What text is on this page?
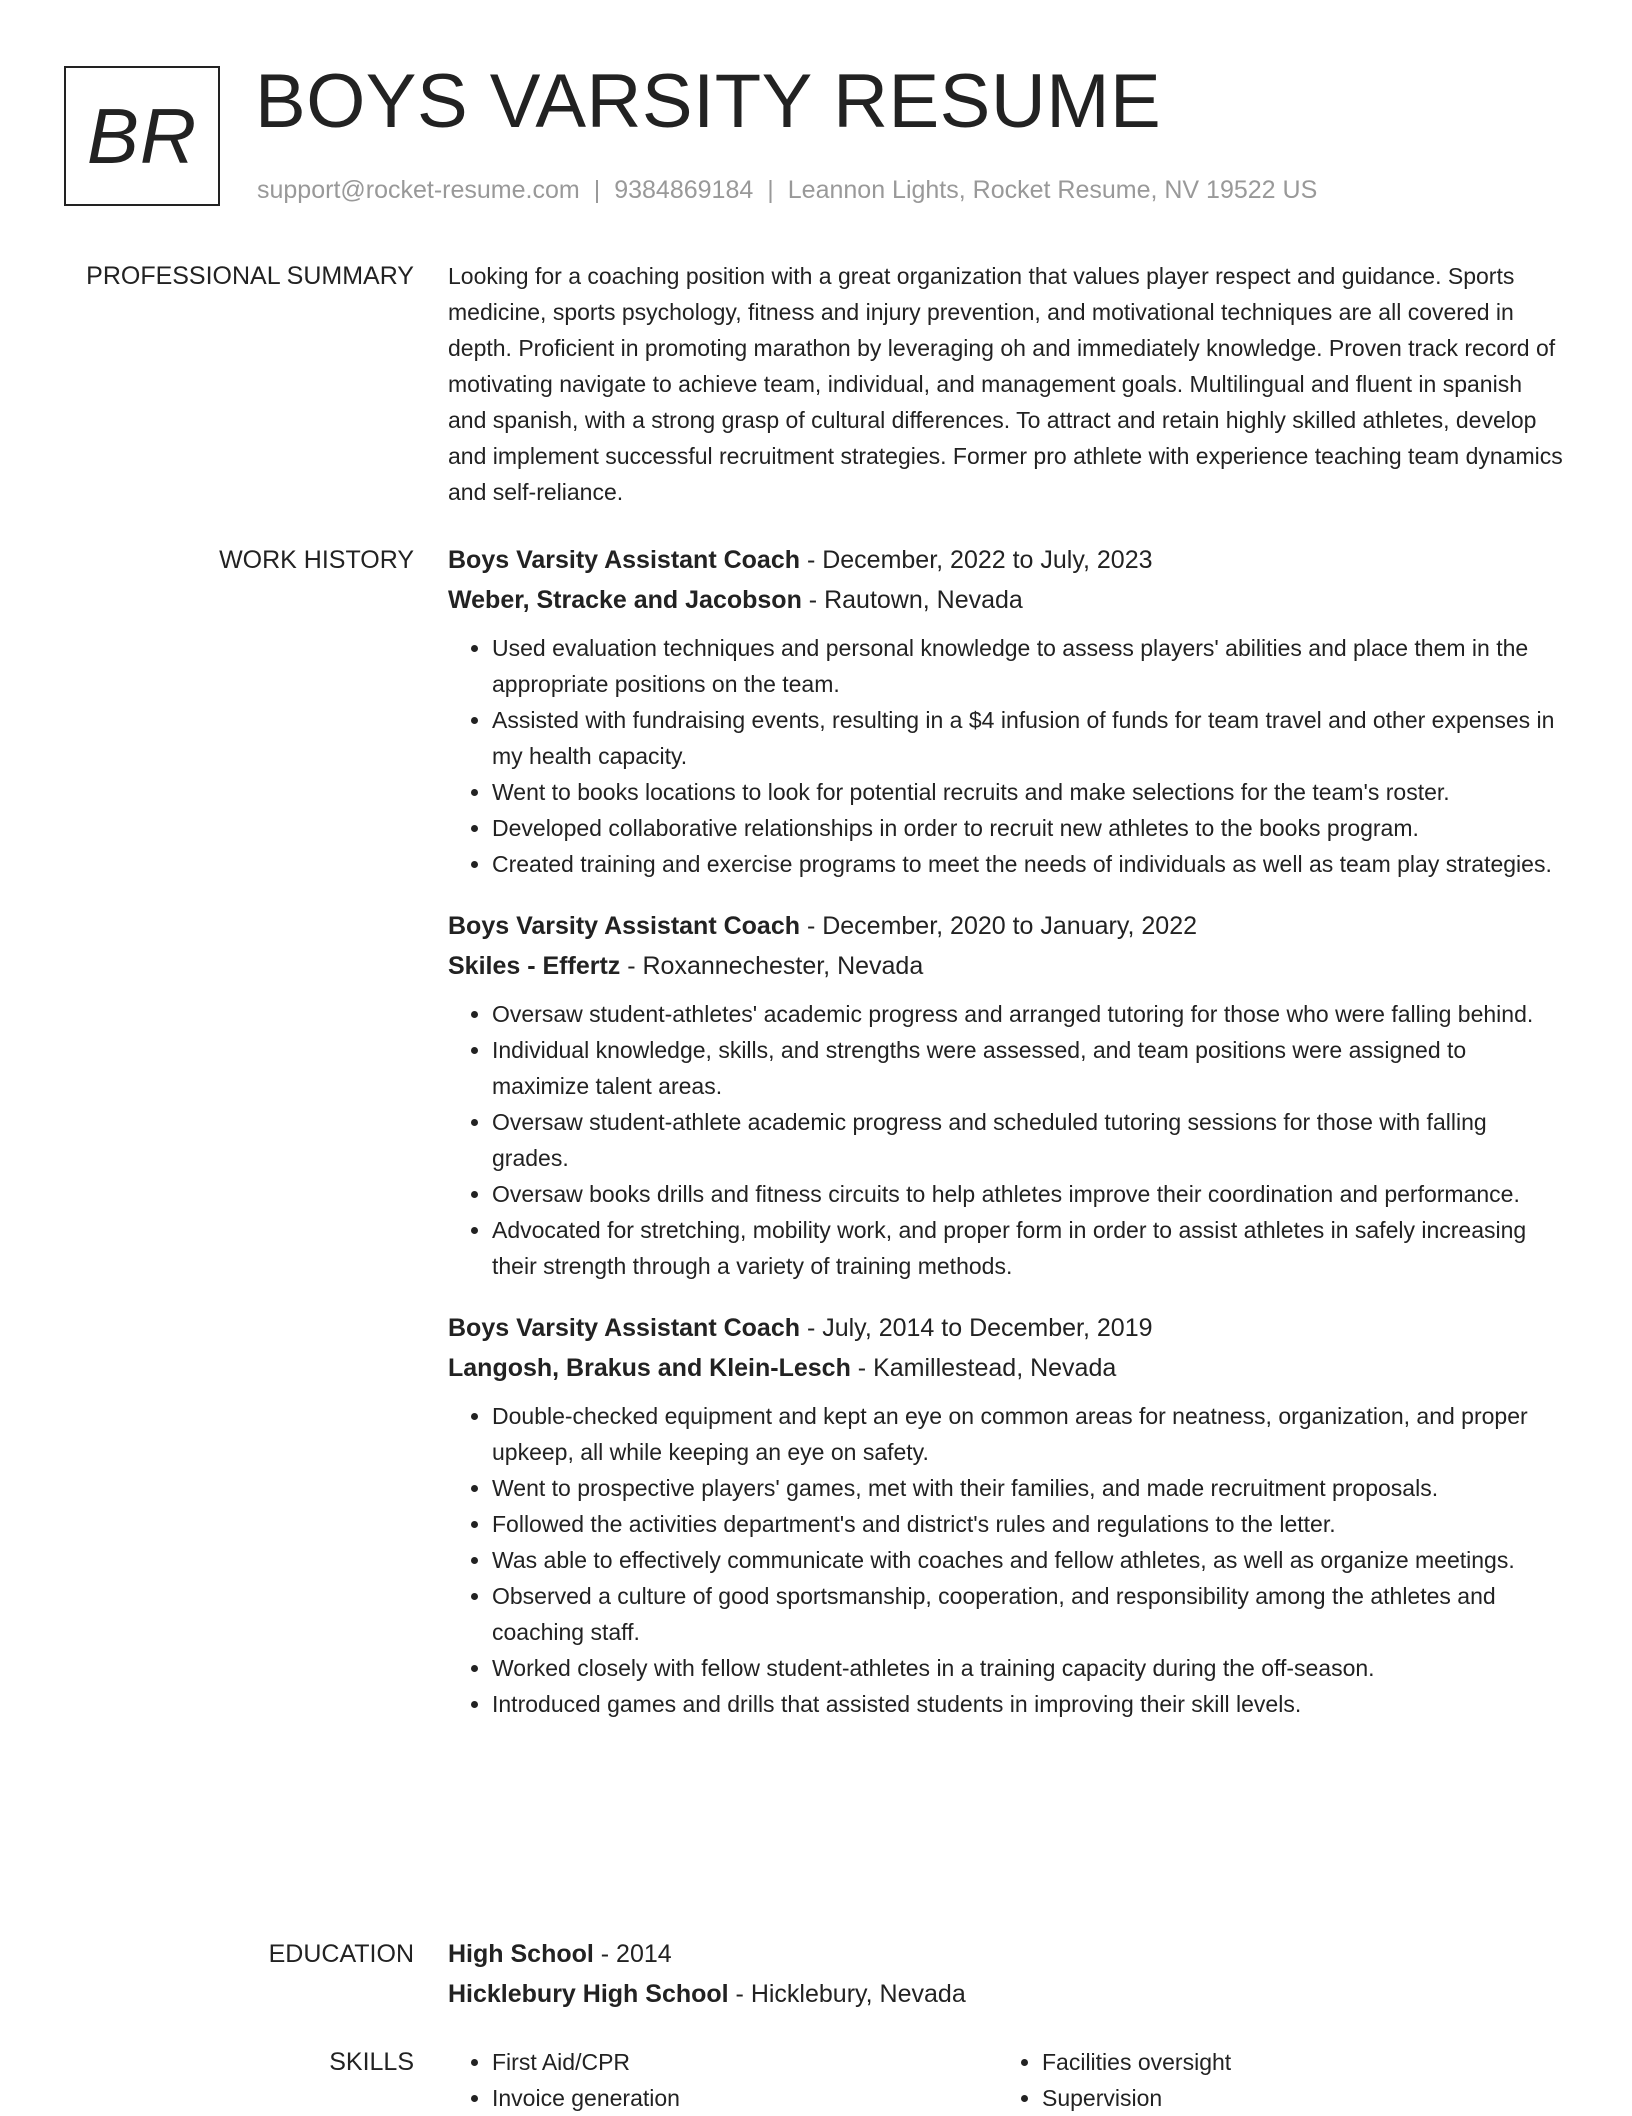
BR BOYS VARSITY RESUME
support@rocket-resume.com | 9384869184 | Leannon Lights, Rocket Resume, NV 19522 US
PROFESSIONAL SUMMARY Looking for a coaching position with a great organization that values player respect and guidance. Sports medicine, sports psychology, fitness and injury prevention, and motivational techniques are all covered in depth. Proficient in promoting marathon by leveraging oh and immediately knowledge. Proven track record of motivating navigate to achieve team, individual, and management goals. Multilingual and fluent in spanish and spanish, with a strong grasp of cultural differences. To attract and retain highly skilled athletes, develop and implement successful recruitment strategies. Former pro athlete with experience teaching team dynamics and self-reliance.

WORK HISTORY Boys Varsity Assistant Coach - December, 2022 to July, 2023
Weber, Stracke and Jacobson - Rautown, Nevada
• Used evaluation techniques and personal knowledge to assess players' abilities and place them in the appropriate positions on the team.
• Assisted with fundraising events, resulting in a $4 infusion of funds for team travel and other expenses in my health capacity.
• Went to books locations to look for potential recruits and make selections for the team's roster.
• Developed collaborative relationships in order to recruit new athletes to the books program.
• Created training and exercise programs to meet the needs of individuals as well as team play strategies.
Boys Varsity Assistant Coach - December, 2020 to January, 2022
Skiles - Effertz - Roxannechester, Nevada
• Oversaw student-athletes' academic progress and arranged tutoring for those who were falling behind.
• Individual knowledge, skills, and strengths were assessed, and team positions were assigned to maximize talent areas.
• Oversaw student-athlete academic progress and scheduled tutoring sessions for those with falling grades.
• Oversaw books drills and fitness circuits to help athletes improve their coordination and performance.
• Advocated for stretching, mobility work, and proper form in order to assist athletes in safely increasing their strength through a variety of training methods.
Boys Varsity Assistant Coach - July, 2014 to December, 2019
Langosh, Brakus and Klein-Lesch - Kamillestead, Nevada
• Double-checked equipment and kept an eye on common areas for neatness, organization, and proper upkeep, all while keeping an eye on safety.
• Went to prospective players' games, met with their families, and made recruitment proposals.
• Followed the activities department's and district's rules and regulations to the letter.
• Was able to effectively communicate with coaches and fellow athletes, as well as organize meetings.
• Observed a culture of good sportsmanship, cooperation, and responsibility among the athletes and coaching staff.
• Worked closely with fellow student-athletes in a training capacity during the off-season.
• Introduced games and drills that assisted students in improving their skill levels.
EDUCATION High School - 2014
Hicklebury High School - Hicklebury, Nevada
SKILLS
•	First Aid/CPR
• Invoice generation
• Facilities oversight
• Supervision
